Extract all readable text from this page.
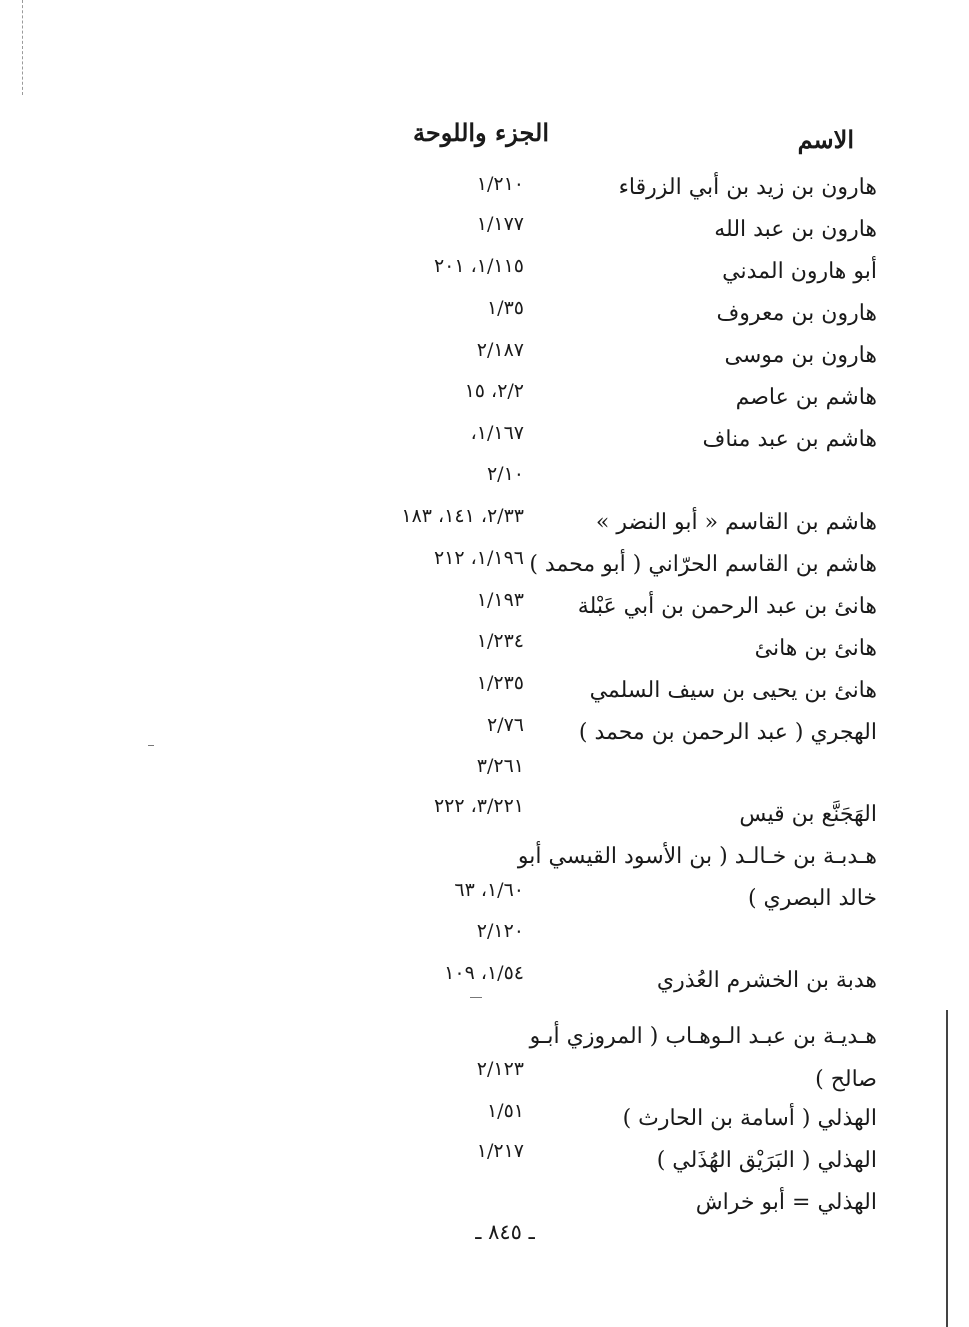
الاسم
الجزء واللوحة
هارون بن زيد بن أبي الزرقاء
١/٢١٠
هارون بن عبد الله
١/١٧٧
أبو هارون المدني
١/١١٥، ٢٠١
هارون بن معروف
١/٣٥
هارون بن موسى
٢/١٨٧
هاشم بن عاصم
٢/٢، ١٥
هاشم بن عبد مناف
١/١٦٧،
٢/١٠
هاشم بن القاسم « أبو النضر »
٢/٣٣، ١٤١، ١٨٣
هاشم بن القاسم الحرّاني ( أبو محمد )
١/١٩٦، ٢١٢
هانئ بن عبد الرحمن بن أبي عَبْلة
١/١٩٣
هانئ بن هانئ
١/٢٣٤
هانئ بن يحيى بن سيف السلمي
١/٢٣٥
الهجري ( عبد الرحمن بن محمد )
٢/٧٦
٣/٢٦١
الهَجَنَّع بن قيس
٣/٢٢١، ٢٢٢
هـدبـة بن خـالـد ( بن الأسود القيسي أبو
خالد البصري )
١/٦٠، ٦٣
٢/١٢٠
هدبة بن الخشرم العُذري
١/٥٤، ١٠٩
هـديـة بن عبـد الـوهـاب ( المروزي أبـو
صالح )
٢/١٢٣
الهذلي ( أسامة بن الحارث )
١/٥١
الهذلي ( البَرَيْق الهُذَلي )
١/٢١٧
الهذلي = أبو خراش
ـ ٨٤٥ ـ
